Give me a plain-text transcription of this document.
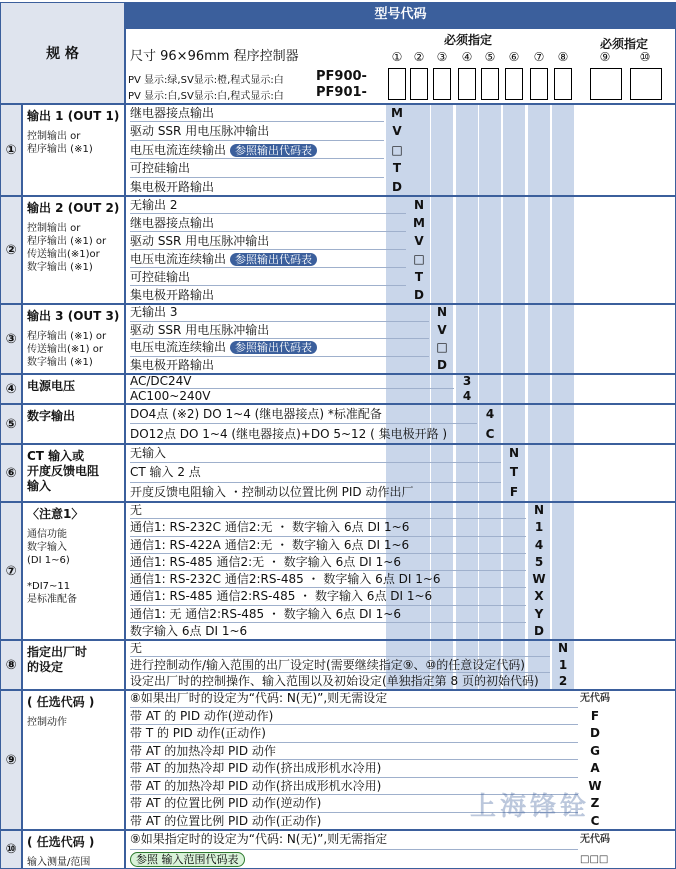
型号代码
规 格	尺寸 96×96mm 程序控制器
PV 显示:绿,SV显示:橙,程式显示:白 PF900-
PV 显示:白,SV显示:白,程式显示:白 PF901-
必须指定	必须指定
① ②	③	④	⑤	⑥	⑦	⑧	⑨	⑩
①
输出 1 (OUT 1)
控制输出 or
程序输出 (※1)
继电器接点输出	M
驱动 SSR 用电压脉冲输出	V
电压电流连续输出 参照输出代码表	□
可控硅输出	T
集电极开路输出	D
②
输出 2 (OUT 2)
控制输出 or
程序输出 (※1) or
传送输出(※1)or
数字输出 (※1)
无输出 2	N
继电器接点输出	M
驱动 SSR 用电压脉冲输出	V
电压电流连续输出 参照输出代码表	□
可控硅输出	T
集电极开路输出	D
③
输出 3 (OUT 3)
程序输出 (※1) or
传送输出(※1) or
数字输出 (※1)
无输出 3	N
驱动 SSR 用电压脉冲输出	V
电压电流连续输出 参照输出代码表	□
集电极开路输出	D
④ 电源电压	AC/DC24V	3
AC100~240V	4
⑤
数字输出	DO4点 (※2) DO 1~4 (继电器接点) *标准配备	4
DO12点 DO 1~4 (继电器接点)+DO 5~12 ( 集电极开路 )	C
⑥
CT 输入或
开度反馈电阻
输入
无输入	N
CT 输入 2 点	T
开度反馈电阻输入 ・控制动以位置比例 PID 动作出厂	F
⑦
〈注意1〉
通信功能
数字输入
(DI 1~6)

*DI7~11
是标准配备
无	N
通信1: RS-232C 通信2:无 ・ 数字输入 6点 DI 1~6	1
通信1: RS-422A 通信2:无 ・ 数字输入 6点 DI 1~6	4
通信1: RS-485 通信2:无 ・ 数字输入 6点 DI 1~6	5
通信1: RS-232C 通信2:RS-485 ・ 数字输入 6点 DI 1~6	W
通信1: RS-485 通信2:RS-485 ・ 数字输入 6点 DI 1~6	X
通信1: 无 通信2:RS-485 ・ 数字输入 6点 DI 1~6	Y
数字输入 6点 DI 1~6	D
⑧
指定出厂时
的设定
无	N
进行控制动作/输入范围的出厂设定时(需要继续指定⑨、⑩的任意设定代码)	1
设定出厂时的控制操作、输入范围以及初始设定(单独指定第 8 页的初始代码)	2
⑨
( 任选代码 )
控制动作
⑧如果出厂时的设定为“代码: N(无)”,则无需设定	无代码
带 AT 的 PID 动作(逆动作)	F
带 T 的 PID 动作(正动作)	D
带 AT 的加热冷却 PID 动作	G
带 AT 的加热冷却 PID 动作(挤出成形机水冷用)	A
带 AT 的加热冷却 PID 动作(挤出成形机水冷用)	W
带 AT 的位置比例 PID 动作(逆动作)	Z
带 AT 的位置比例 PID 动作(正动作)	C
⑩ ( 任选代码 )
输入测量/范围
⑨如果指定时的设定为“代码: N(无)”,则无需指定	无代码
参照 输入范围代码表	□□□
上海锋铨
